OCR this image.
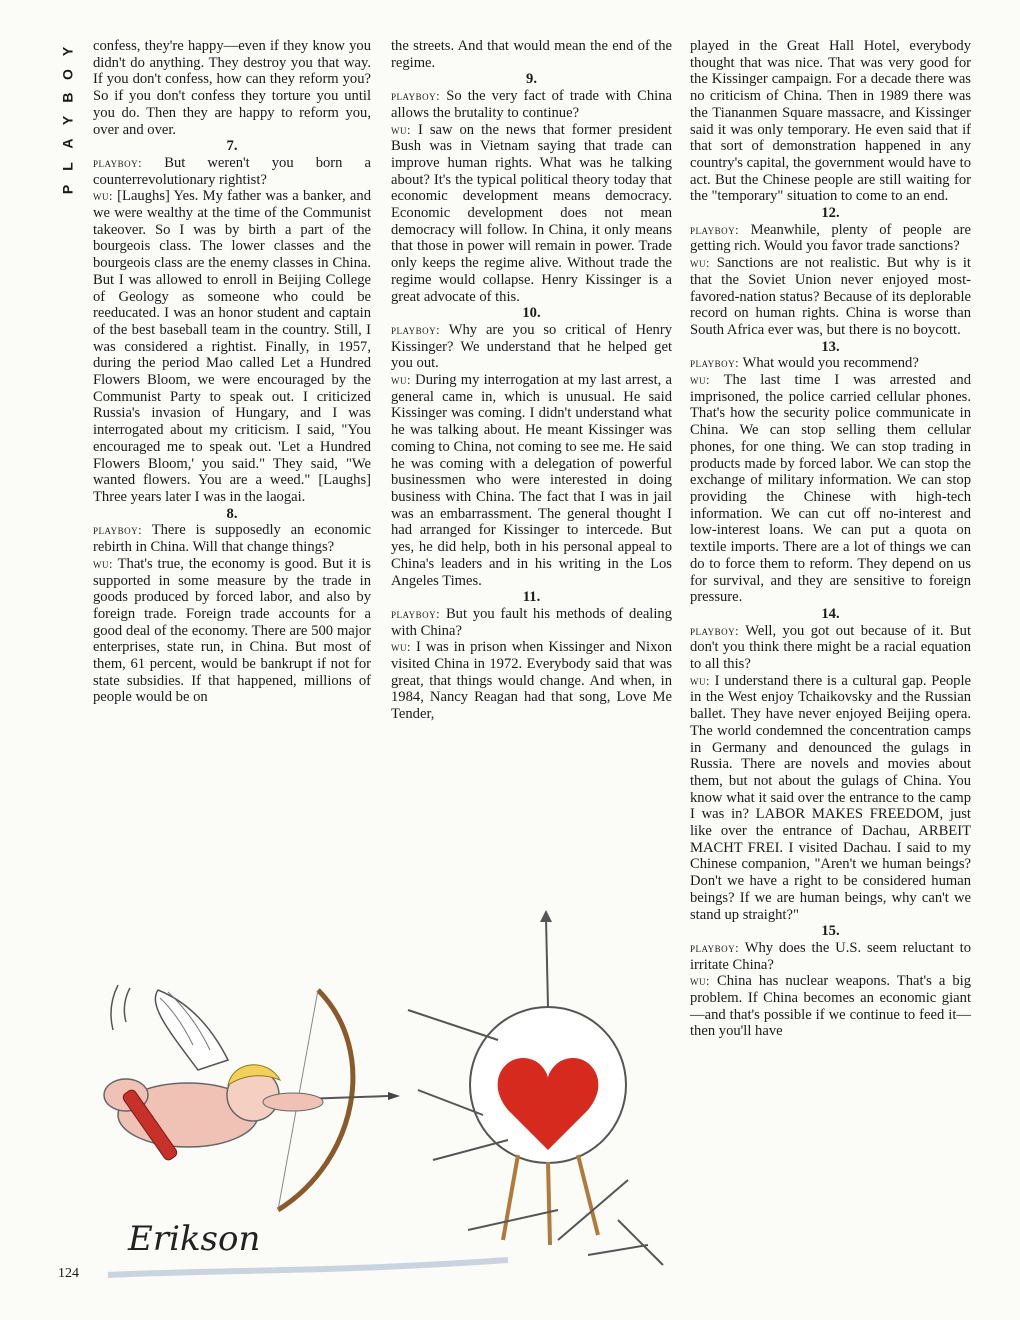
Y
O
B
Y
A
L
P

confess, they're happy—even if they know you didn't do anything. They destroy you that way. If you don't confess, how can they reform you? So if you don't confess they torture you until you do. Then they are happy to reform you, over and over.

7.

playboy: But weren't you born a counterrevolutionary rightist?

wu: [Laughs] Yes. My father was a banker, and we were wealthy at the time of the Communist takeover. So I was by birth a part of the bourgeois class. The lower classes and the bourgeois class are the enemy classes in China. But I was allowed to enroll in Beijing College of Geology as someone who could be reeducated. I was an honor student and captain of the best baseball team in the country. Still, I was considered a rightist. Finally, in 1957, during the period Mao called Let a Hundred Flowers Bloom, we were encouraged by the Communist Party to speak out. I criticized Russia's invasion of Hungary, and I was interrogated about my criticism. I said, "You encouraged me to speak out. 'Let a Hundred Flowers Bloom,' you said." They said, "We wanted flowers. You are a weed." [Laughs] Three years later I was in the laogai.

8.

playboy: There is supposedly an economic rebirth in China. Will that change things?

wu: That's true, the economy is good. But it is supported in some measure by the trade in goods produced by forced labor, and also by foreign trade. Foreign trade accounts for a good deal of the economy. There are 500 major enterprises, state run, in China. But most of them, 61 percent, would be bankrupt if not for state subsidies. If that happened, millions of people would be on

the streets. And that would mean the end of the regime.

9.

playboy: So the very fact of trade with China allows the brutality to continue?

wu: I saw on the news that former president Bush was in Vietnam saying that trade can improve human rights. What was he talking about? It's the typical political theory today that economic development means democracy. Economic development does not mean democracy will follow. In China, it only means that those in power will remain in power. Trade only keeps the regime alive. Without trade the regime would collapse. Henry Kissinger is a great advocate of this.

10.

playboy: Why are you so critical of Henry Kissinger? We understand that he helped get you out.

wu: During my interrogation at my last arrest, a general came in, which is unusual. He said Kissinger was coming. I didn't understand what he was talking about. He meant Kissinger was coming to China, not coming to see me. He said he was coming with a delegation of powerful businessmen who were interested in doing business with China. The fact that I was in jail was an embarrassment. The general thought I had arranged for Kissinger to intercede. But yes, he did help, both in his personal appeal to China's leaders and in his writing in the Los Angeles Times.

11.

playboy: But you fault his methods of dealing with China?

wu: I was in prison when Kissinger and Nixon visited China in 1972. Everybody said that was great, that things would change. And when, in 1984, Nancy Reagan had that song, Love Me Tender,

played in the Great Hall Hotel, everybody thought that was nice. That was very good for the Kissinger campaign. For a decade there was no criticism of China. Then in 1989 there was the Tiananmen Square massacre, and Kissinger said it was only temporary. He even said that if that sort of demonstration happened in any country's capital, the government would have to act. But the Chinese people are still waiting for the "temporary" situation to come to an end.

12.

playboy: Meanwhile, plenty of people are getting rich. Would you favor trade sanctions?

wu: Sanctions are not realistic. But why is it that the Soviet Union never enjoyed most-favored-nation status? Because of its deplorable record on human rights. China is worse than South Africa ever was, but there is no boycott.

13.

playboy: What would you recommend?

wu: The last time I was arrested and imprisoned, the police carried cellular phones. That's how the security police communicate in China. We can stop selling them cellular phones, for one thing. We can stop trading in products made by forced labor. We can stop the exchange of military information. We can stop providing the Chinese with high-tech information. We can cut off no-interest and low-interest loans. We can put a quota on textile imports. There are a lot of things we can do to force them to reform. They depend on us for survival, and they are sensitive to foreign pressure.

14.

playboy: Well, you got out because of it. But don't you think there might be a racial equation to all this?

wu: I understand there is a cultural gap. People in the West enjoy Tchaikovsky and the Russian ballet. They have never enjoyed Beijing opera. The world condemned the concentration camps in Germany and denounced the gulags in Russia. There are novels and movies about them, but not about the gulags of China. You know what it said over the entrance to the camp I was in? LABOR MAKES FREEDOM, just like over the entrance of Dachau, ARBEIT MACHT FREI. I visited Dachau. I said to my Chinese companion, "Aren't we human beings? Don't we have a right to be considered human beings? If we are human beings, why can't we stand up straight?"

15.

playboy: Why does the U.S. seem reluctant to irritate China?

wu: China has nuclear weapons. That's a big problem. If China becomes an economic giant—and that's possible if we continue to feed it—then you'll have

Erikson
124
